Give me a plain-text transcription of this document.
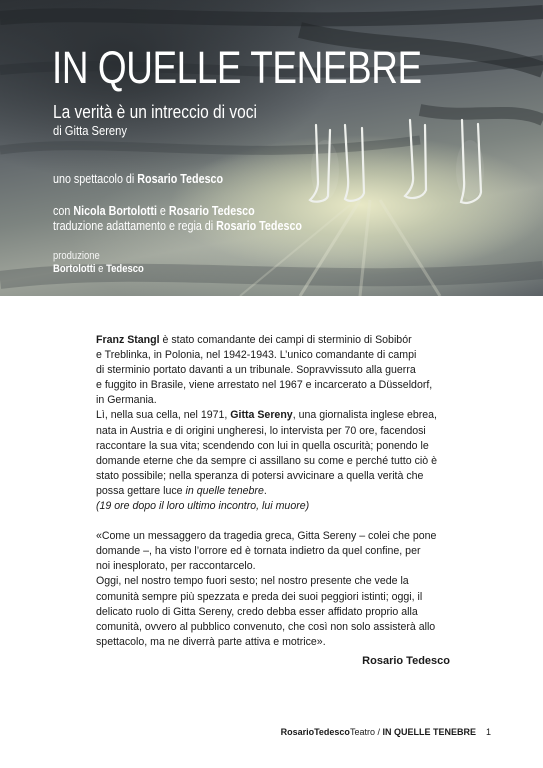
IN QUELLE TENEBRE
La verità è un intreccio di voci
di Gitta Sereny
uno spettacolo di Rosario Tedesco
con Nicola Bortolotti e Rosario Tedesco
traduzione adattamento e regia di Rosario Tedesco
produzione
Bortolotti e Tedesco

Franz Stangl è stato comandante dei campi di sterminio di Sobibór
e Treblinka, in Polonia, nel 1942-1943. L’unico comandante di campi
di sterminio portato davanti a un tribunale. Sopravvissuto alla guerra
e fuggito in Brasile, viene arrestato nel 1967 e incarcerato a Düsseldorf,
in Germania.
Lì, nella sua cella, nel 1971, Gitta Sereny, una giornalista inglese ebrea,
nata in Austria e di origini ungheresi, lo intervista per 70 ore, facendosi
raccontare la sua vita; scendendo con lui in quella oscurità; ponendo le
domande eterne che da sempre ci assillano su come e perché tutto ciò è
stato possibile; nella speranza di potersi avvicinare a quella verità che
possa gettare luce in quelle tenebre.
(19 ore dopo il loro ultimo incontro, lui muore)

«Come un messaggero da tragedia greca, Gitta Sereny – colei che pone
domande –, ha visto l’orrore ed è tornata indietro da quel confine, per
noi inesplorato, per raccontarcelo.
Oggi, nel nostro tempo fuori sesto; nel nostro presente che vede la
comunità sempre più spezzata e preda dei suoi peggiori istinti; oggi, il
delicato ruolo di Gitta Sereny, credo debba esser affidato proprio alla
comunità, ovvero al pubblico convenuto, che così non solo assisterà allo
spettacolo, ma ne diverrà parte attiva e motrice».

Rosario Tedesco
RosarioTedescoTeatro / IN QUELLE TENEBRE 1
